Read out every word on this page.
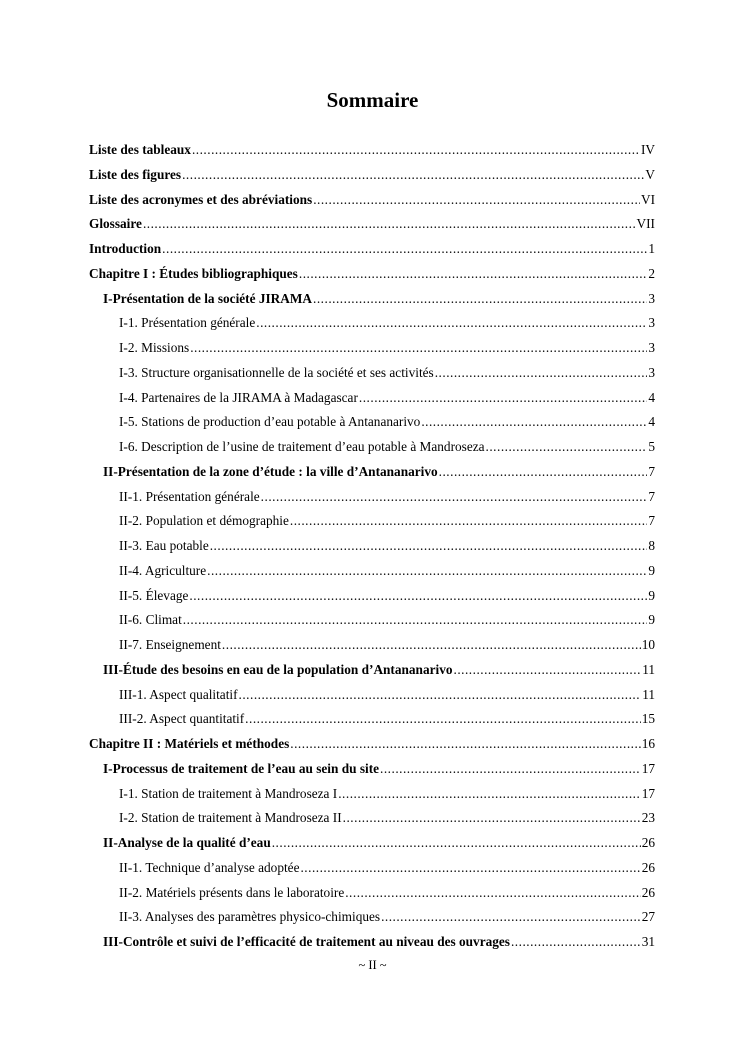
Sommaire
Liste des tableaux .....	IV
Liste des figures .....	V
Liste des acronymes et des abréviations .....	VI
Glossaire .....	VII
Introduction .....	1
Chapitre I : Études bibliographiques .....	2
I- Présentation de la société JIRAMA .....	3
I-1. Présentation générale .....	3
I-2. Missions .....	3
I-3. Structure organisationnelle de la société et ses activités .....	3
I-4. Partenaires de la JIRAMA à Madagascar .....	4
I-5. Stations de production d’eau potable à Antananarivo .....	4
I-6. Description de l’usine de traitement d’eau potable à Mandroseza .....	5
II- Présentation de la zone d’étude : la ville d’Antananarivo .....	7
II-1. Présentation générale .....	7
II-2. Population et démographie .....	7
II-3. Eau potable .....	8
II-4. Agriculture .....	9
II-5. Élevage .....	9
II-6. Climat .....	9
II-7. Enseignement .....	10
III- Étude des besoins en eau de la population d’Antananarivo .....	11
III-1. Aspect qualitatif .....	11
III-2. Aspect quantitatif .....	15
Chapitre II : Matériels et méthodes .....	16
I- Processus de traitement de l’eau au sein du site .....	17
I-1. Station de traitement à Mandroseza I .....	17
I-2. Station de traitement à Mandroseza II .....	23
II- Analyse de la qualité d’eau .....	26
II-1. Technique d’analyse adoptée .....	26
II-2. Matériels présents dans le laboratoire .....	26
II-3. Analyses des paramètres physico-chimiques .....	27
III- Contrôle et suivi de l’efficacité de traitement au niveau des ouvrages .....	31
~ II ~
